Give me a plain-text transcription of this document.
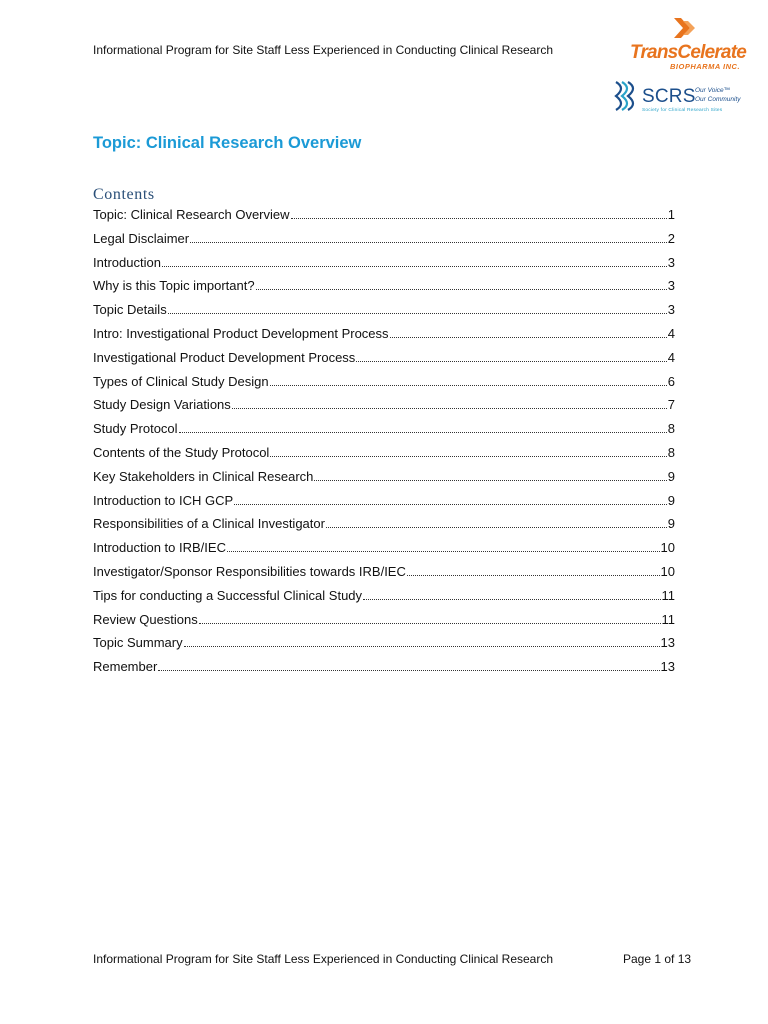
Informational Program for Site Staff Less Experienced in Conducting Clinical Research	TransCelerate
BIOPHARMA INC.
SCRS Our Voice™
Our Community
Society for Clinical Research Sites
Topic: Clinical Research Overview
Contents
Topic: Clinical Research Overview	1
Legal Disclaimer	2
Introduction	3
Why is this Topic important?	3
Topic Details	3
Intro: Investigational Product Development Process	4
Investigational Product Development Process	4
Types of Clinical Study Design	6
Study Design Variations	7
Study Protocol	8
Contents of the Study Protocol	8
Key Stakeholders in Clinical Research	9
Introduction to ICH GCP	9
Responsibilities of a Clinical Investigator	9
Introduction to IRB/IEC	10
Investigator/Sponsor Responsibilities towards IRB/IEC	10
Tips for conducting a Successful Clinical Study	11
Review Questions	11
Topic Summary	13
Remember	13
Informational Program for Site Staff Less Experienced in Conducting Clinical Research	Page 1 of 13
